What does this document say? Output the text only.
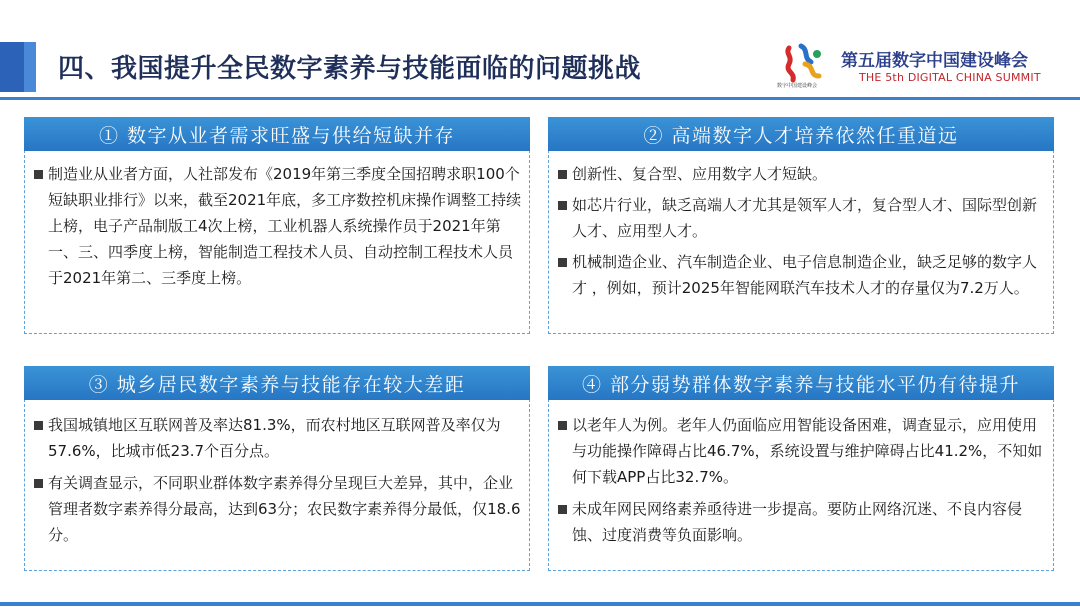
四、我国提升全民数字素养与技能面临的问题挑战
数字中国建设峰会
第五届数字中国建设峰会
THE 5th DIGITAL CHINA SUMMIT
① 数字从业者需求旺盛与供给短缺并存
制造业从业者方面，人社部发布《2019年第三季度全国招聘求职100个短缺职业排行》以来，截至2021年底，多工序数控机床操作调整工持续上榜，电子产品制版工4次上榜，工业机器人系统操作员于2021年第一、三、四季度上榜，智能制造工程技术人员、自动控制工程技术人员于2021年第二、三季度上榜。
② 高端数字人才培养依然任重道远
创新性、复合型、应用数字人才短缺。
如芯片行业，缺乏高端人才尤其是领军人才，复合型人才、国际型创新人才、应用型人才。
机械制造企业、汽车制造企业、电子信息制造企业，缺乏足够的数字人才 ，例如，预计2025年智能网联汽车技术人才的存量仅为7.2万人。
③ 城乡居民数字素养与技能存在较大差距
我国城镇地区互联网普及率达81.3%，而农村地区互联网普及率仅为57.6%，比城市低23.7个百分点。
有关调查显示，不同职业群体数字素养得分呈现巨大差异，其中，企业管理者数字素养得分最高，达到63分；农民数字素养得分最低，仅18.6分。
④ 部分弱势群体数字素养与技能水平仍有待提升
以老年人为例。老年人仍面临应用智能设备困难，调查显示，应用使用与功能操作障碍占比46.7%，系统设置与维护障碍占比41.2%，不知如何下载APP占比32.7%。
未成年网民网络素养亟待进一步提高。要防止网络沉迷、不良内容侵蚀、过度消费等负面影响。
